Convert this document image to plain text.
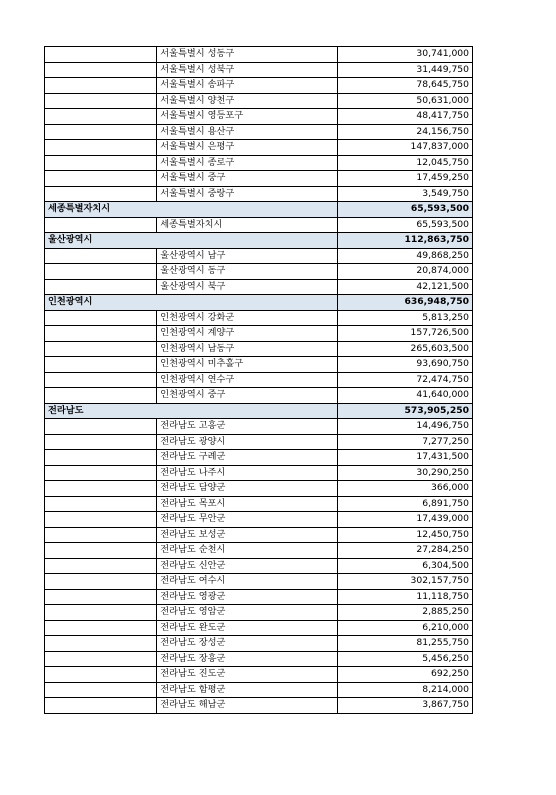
	서울특별시 성동구	30,741,000
	서울특별시 성북구	31,449,750
	서울특별시 송파구	78,645,750
	서울특별시 양천구	50,631,000
	서울특별시 영등포구	48,417,750
	서울특별시 용산구	24,156,750
	서울특별시 은평구	147,837,000
	서울특별시 종로구	12,045,750
	서울특별시 중구	17,459,250
	서울특별시 중랑구	3,549,750
세종특별자치시		65,593,500
	세종특별자치시	65,593,500
울산광역시		112,863,750
	울산광역시 남구	49,868,250
	울산광역시 동구	20,874,000
	울산광역시 북구	42,121,500
인천광역시		636,948,750
	인천광역시 강화군	5,813,250
	인천광역시 계양구	157,726,500
	인천광역시 남동구	265,603,500
	인천광역시 미추홀구	93,690,750
	인천광역시 연수구	72,474,750
	인천광역시 중구	41,640,000
전라남도		573,905,250
	전라남도 고흥군	14,496,750
	전라남도 광양시	7,277,250
	전라남도 구례군	17,431,500
	전라남도 나주시	30,290,250
	전라남도 담양군	366,000
	전라남도 목포시	6,891,750
	전라남도 무안군	17,439,000
	전라남도 보성군	12,450,750
	전라남도 순천시	27,284,250
	전라남도 신안군	6,304,500
	전라남도 여수시	302,157,750
	전라남도 영광군	11,118,750
	전라남도 영암군	2,885,250
	전라남도 완도군	6,210,000
	전라남도 장성군	81,255,750
	전라남도 장흥군	5,456,250
	전라남도 진도군	692,250
	전라남도 함평군	8,214,000
	전라남도 해남군	3,867,750
